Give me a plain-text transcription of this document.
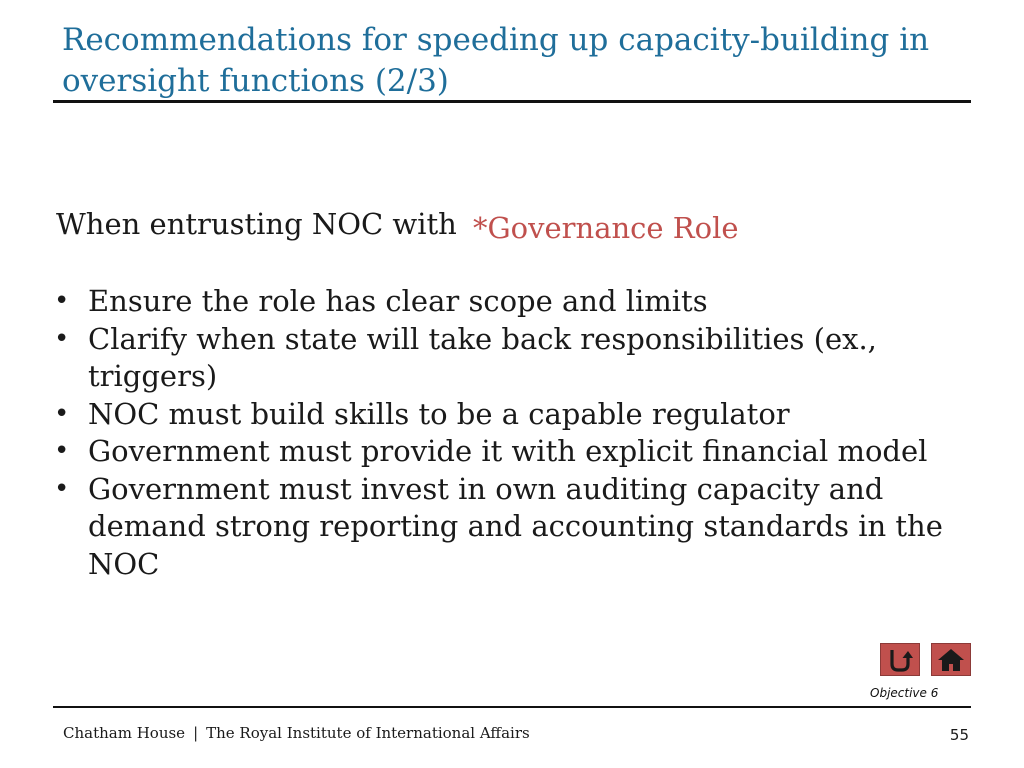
Recommendations for speeding up capacity-building in oversight functions (2/3)
When entrusting NOC with *Governance Role
• Ensure the role has clear scope and limits
• Clarify when state will take back responsibilities (ex., triggers)
• NOC must build skills to be a capable regulator
• Government must provide it with explicit financial model
• Government must invest in own auditing capacity and demand strong reporting and accounting standards in the NOC
Objective 6
Chatham House | The Royal Institute of International Affairs	55
